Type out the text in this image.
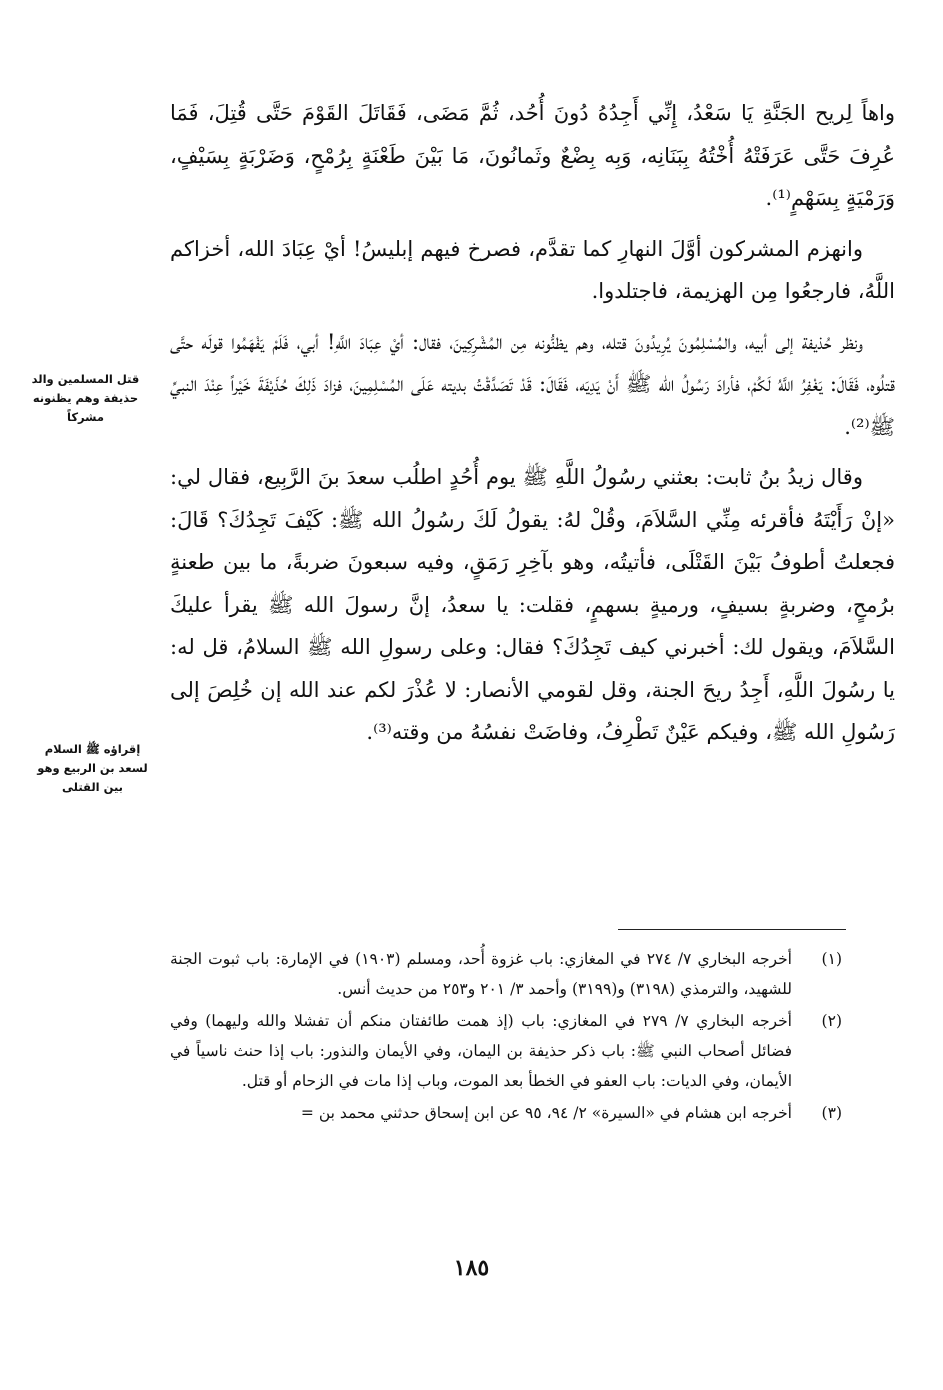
واهاً لِريح الجَنَّةِ يَا سَعْدُ، إِنِّي أَجِدُهُ دُونَ أُحُد، ثُمَّ مَضَى، فَقَاتَلَ القَوْمَ حَتَّى قُتِلَ، فَمَا عُرِفَ حَتَّى عَرَفَتْهُ أُخْتُهُ بِبَنَانِه، وَبِه بِضْعٌ وثَمانُونَ، مَا بَيْنَ طَعْنَةٍ بِرُمْحٍ، وَضَرْبَةٍ بِسَيْفٍ، وَرَمْيَةٍ بِسَهْمٍ⁽¹⁾.

وانهزم المشركون أوَّلَ النهارِ كما تقدَّم، فصرخ فيهم إبليسُ! أيْ عِبَادَ الله، أخزاكم اللَّهُ، فارجعُوا مِن الهزيمة، فاجتلدوا.

ونظر حُذيفة إلى أبيه، والمُسْلِمُونَ يُرِيدُونَ قتله، وهم يظنُّونه مِن المُشْرِكِينَ، فقال: أيْ عِبَادَ اللَّهِ! أبي، فَلَمْ يَفْهَمُوا قولَه حتَّى قتلُوه، فَقَالَ: يَغْفِرُ اللَّهُ لَكُمْ، فأرادَ رَسُولُ الله ﷺ أَنْ يَدِيَه، فَقَالَ: قَدْ تَصَدَّقْتُ بديته عَلَى المُسْلِمِينَ، فزادَ ذَلِكَ حُذَيْفَةَ خَيْراً عِنْدَ النبيِّ ﷺ⁽²⁾.

وقال زيدُ بنُ ثابت: بعثني رسُولُ اللَّهِ ﷺ يوم أُحُدٍ اطلُب سعدَ بنَ الرَّبِيع، فقال لي: «إنْ رَأَيْتَهُ فأقرئه مِنِّي السَّلاَمَ، وقُلْ لهُ: يقولُ لَكَ رسُولُ الله ﷺ: كَيْفَ تَجِدُكَ؟ قَالَ: فجعلتُ أطوفُ بَيْنَ القَتْلَى، فأتيتُه، وهو بآخِرِ رَمَقٍ، وفيه سبعونَ ضربةً، ما بين طعنةٍ برُمحٍ، وضربةٍ بسيفٍ، ورميةٍ بسهمٍ، فقلت: يا سعدُ، إنَّ رسولَ الله ﷺ يقرأ عليكَ السَّلاَمَ، ويقول لك: أخبرني كيف تَجِدُكَ؟ فقال: وعلى رسولِ الله ﷺ السلامُ، قل له: يا رسُولَ اللَّهِ، أَجِدُ ريحَ الجنة، وقل لقومي الأنصار: لا عُذْرَ لكم عند الله إن خُلِصَ إلى رَسُولِ الله ﷺ، وفيكم عَيْنٌ تَطْرِفُ، وفاضَتْ نفسُهُ من وقته⁽³⁾.

قتل المسلمين والد حذيفة وهم يظنونه مشركاً
إقراؤه ﷺ السلام لسعد بن الربيع وهو بين القتلى
(١)
أخرجه البخاري ٧/ ٢٧٤ في المغازي: باب غزوة أُحد، ومسلم (١٩٠٣) في الإمارة: باب ثبوت الجنة للشهيد، والترمذي (٣١٩٨) و(٣١٩٩) وأحمد ٣/ ٢٠١ و٢٥٣ من حديث أنس.
(٢)
أخرجه البخاري ٧/ ٢٧٩ في المغازي: باب (إذ همت طائفتان منكم أن تفشلا والله وليهما) وفي فضائل أصحاب النبي ﷺ: باب ذكر حذيفة بن اليمان، وفي الأيمان والنذور: باب إذا حنث ناسياً في الأيمان، وفي الديات: باب العفو في الخطأ بعد الموت، وباب إذا مات في الزحام أو قتل.
(٣)
أخرجه ابن هشام في «السيرة» ٢/ ٩٤، ٩٥ عن ابن إسحاق حدثني محمد بن =
١٨٥
